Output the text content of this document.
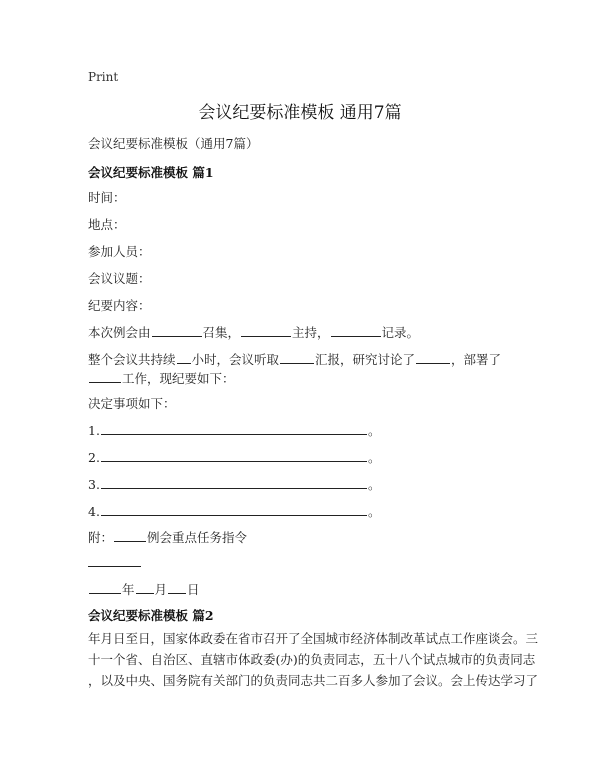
Print
会议纪要标准模板 通用7篇
会议纪要标准模板（通用7篇）
会议纪要标准模板 篇1
时间：
地点：
参加人员：
会议议题：
纪要内容：
本次例会由	召集，	主持，	记录。
整个会议共持续 小时，会议听取	汇报，研究讨论了	，部署了
工作，现纪要如下：
决定事项如下：
1.	。
2.	。
3.	。
4.	。
附：	例会重点任务指令
年 月 日
会议纪要标准模板 篇2
年月日至日，国家体政委在省市召开了全国城市经济体制改革试点工作座谈会。三
十一个省、自治区、直辖市体政委(办)的负责同志，五十八个试点城市的负责同志
，以及中央、国务院有关部门的负责同志共二百多人参加了会议。会上传达学习了
